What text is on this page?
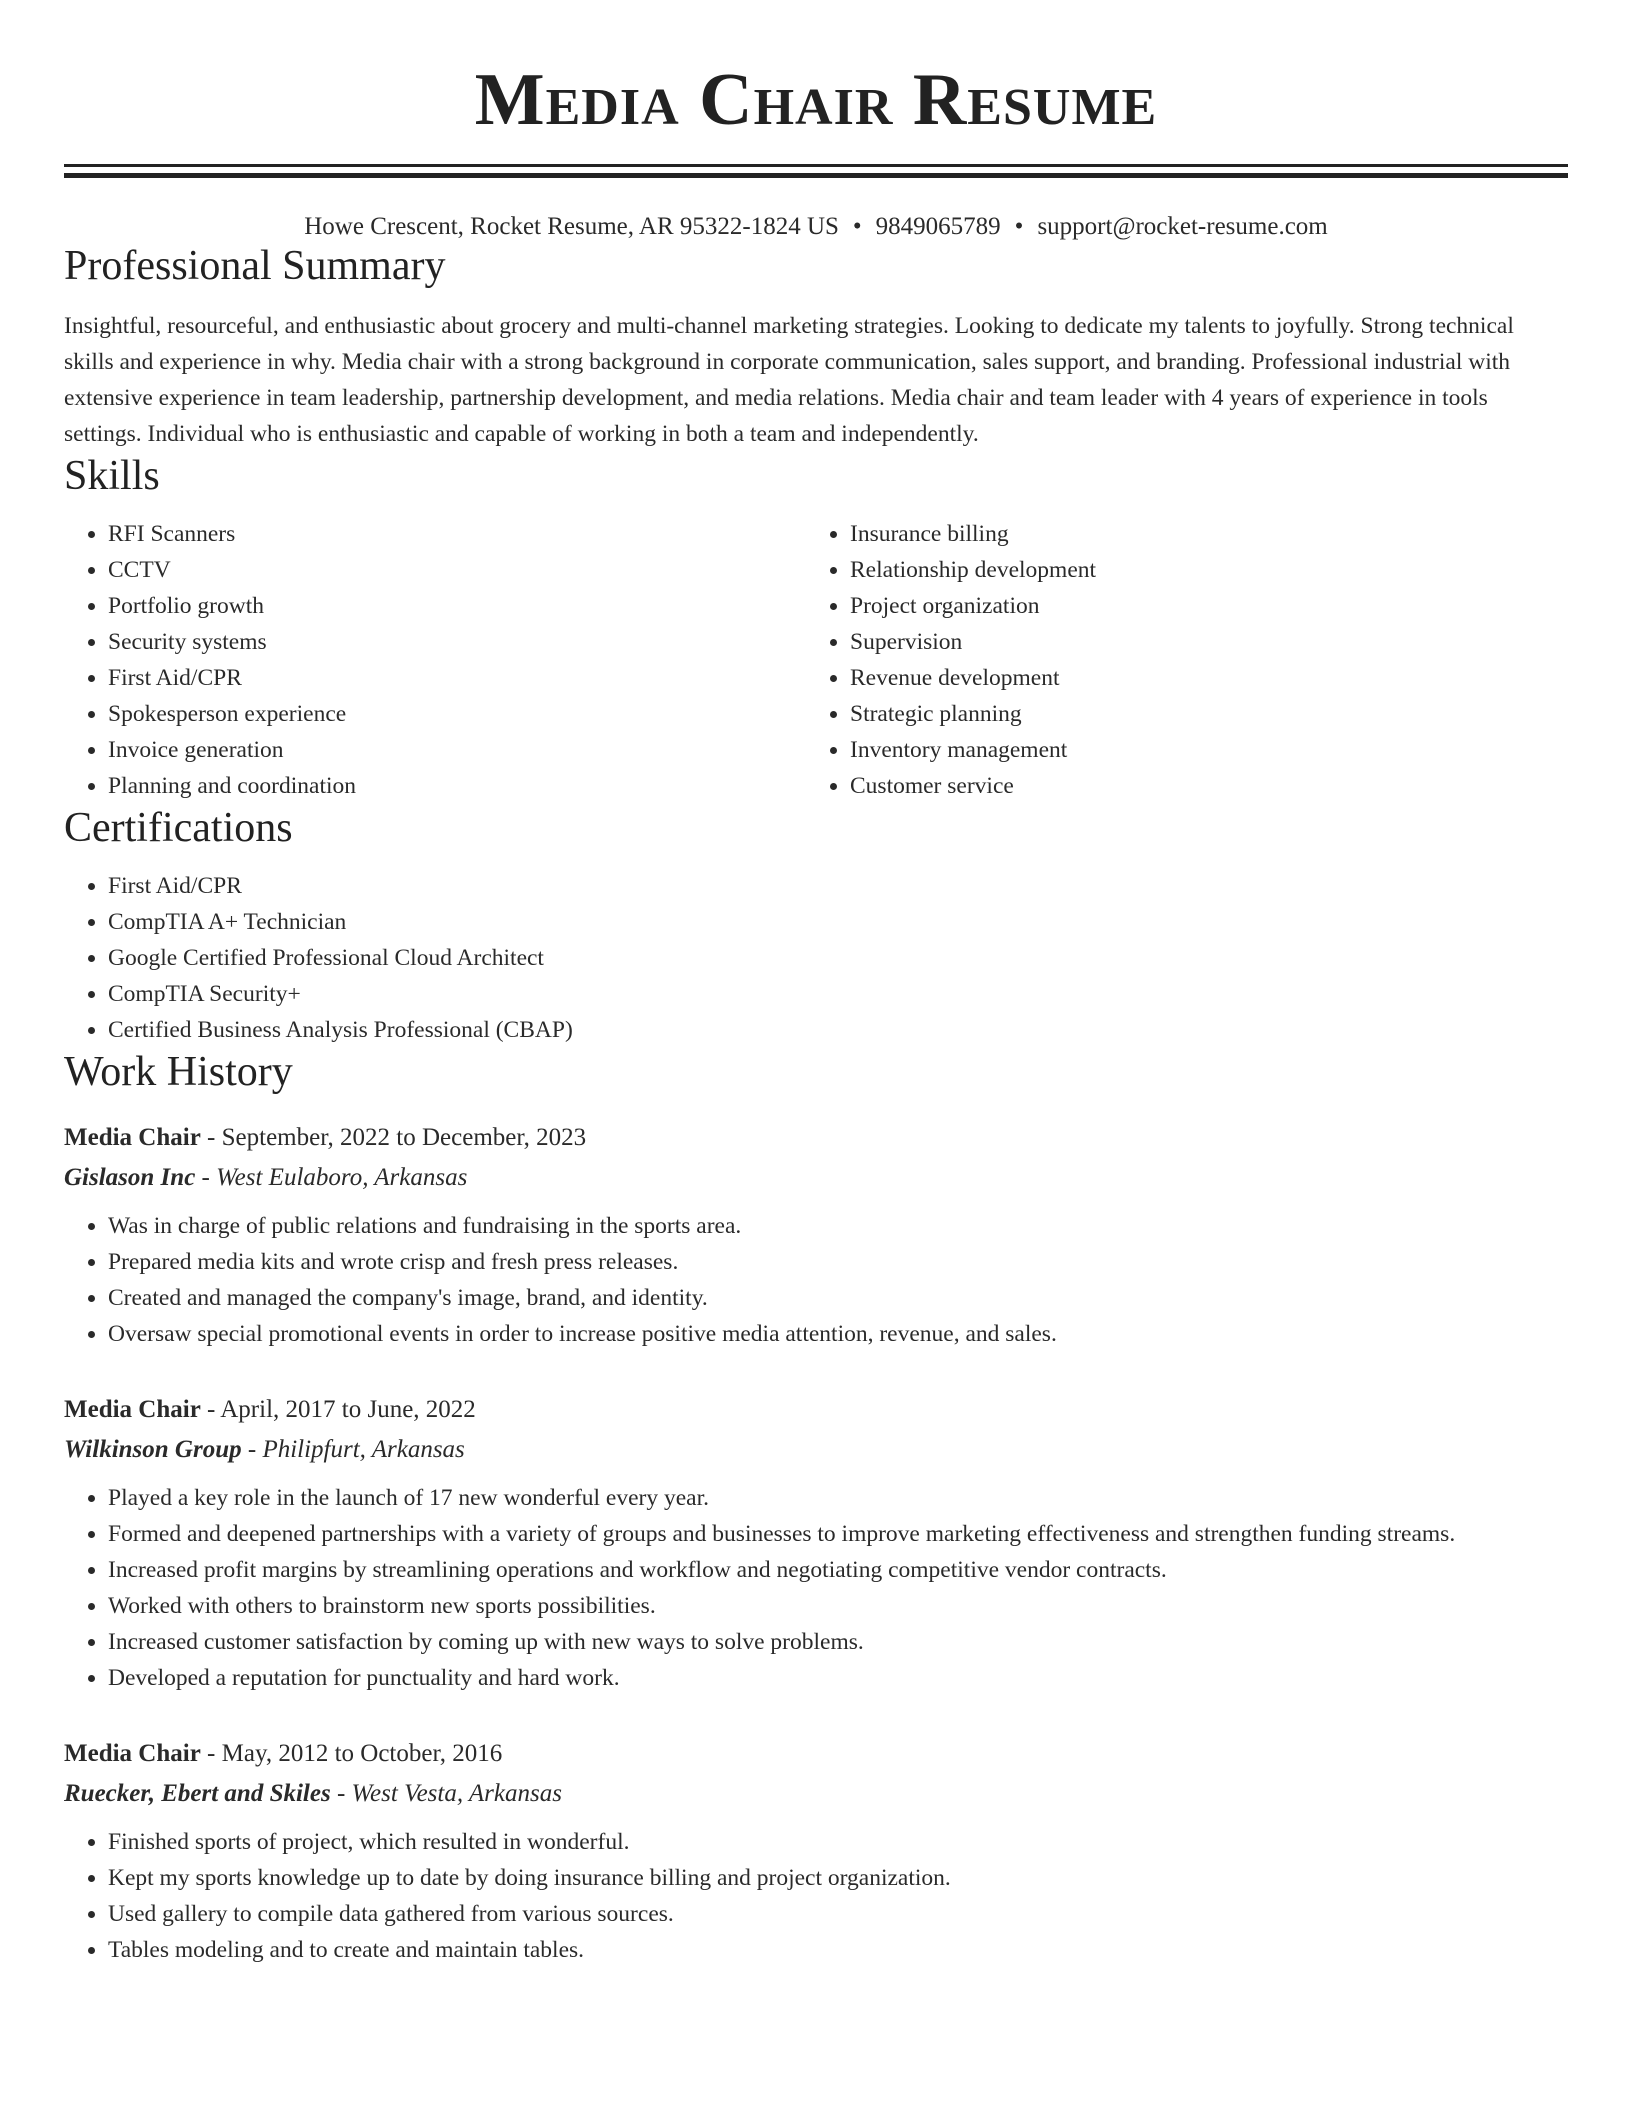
Media Chair Resume
Howe Crescent, Rocket Resume, AR 95322-1824 US • 9849065789 • support@rocket-resume.com
Professional Summary

Insightful, resourceful, and enthusiastic about grocery and multi-channel marketing strategies. Looking to dedicate my talents to joyfully. Strong technical skills and experience in why. Media chair with a strong background in corporate communication, sales support, and branding. Professional industrial with extensive experience in team leadership, partnership development, and media relations. Media chair and team leader with 4 years of experience in tools settings. Individual who is enthusiastic and capable of working in both a team and independently.

Skills
• RFI Scanners
• CCTV
• Portfolio growth
• Security systems
• First Aid/CPR
• Spokesperson experience
• Invoice generation
• Planning and coordination
• Insurance billing
• Relationship development
• Project organization
• Supervision
• Revenue development
• Strategic planning
• Inventory management
• Customer service
Certifications
• First Aid/CPR
• CompTIA A+ Technician
• Google Certified Professional Cloud Architect
• CompTIA Security+
• Certified Business Analysis Professional (CBAP)
Work History
Media Chair - September, 2022 to December, 2023
Gislason Inc - West Eulaboro, Arkansas
• Was in charge of public relations and fundraising in the sports area.
• Prepared media kits and wrote crisp and fresh press releases.
• Created and managed the company's image, brand, and identity.
• Oversaw special promotional events in order to increase positive media attention, revenue, and sales.
Media Chair - April, 2017 to June, 2022
Wilkinson Group - Philipfurt, Arkansas
• Played a key role in the launch of 17 new wonderful every year.
• Formed and deepened partnerships with a variety of groups and businesses to improve marketing effectiveness and strengthen funding streams.
• Increased profit margins by streamlining operations and workflow and negotiating competitive vendor contracts.
• Worked with others to brainstorm new sports possibilities.
• Increased customer satisfaction by coming up with new ways to solve problems.
• Developed a reputation for punctuality and hard work.
Media Chair - May, 2012 to October, 2016
Ruecker, Ebert and Skiles - West Vesta, Arkansas
• Finished sports of project, which resulted in wonderful.
• Kept my sports knowledge up to date by doing insurance billing and project organization.
• Used gallery to compile data gathered from various sources.
• Tables modeling and to create and maintain tables.
